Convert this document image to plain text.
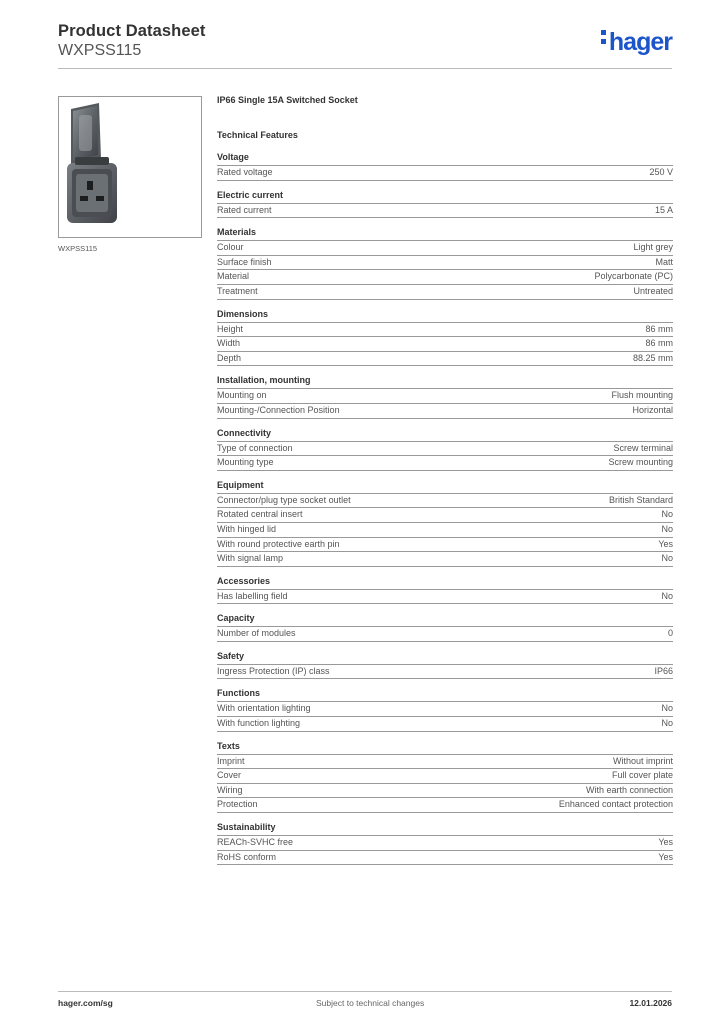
Product Datasheet
WXPSS115	hager
WXPSS115
IP66 Single 15A Switched Socket
Technical Features
Voltage
Rated voltage	250 V
Electric current
Rated current	15 A
Materials
Colour	Light grey
Surface finish	Matt
Material	Polycarbonate (PC)
Treatment	Untreated
Dimensions
Height	86 mm
Width	86 mm
Depth	88.25 mm
Installation, mounting
Mounting on	Flush mounting
Mounting-/Connection Position	Horizontal
Connectivity
Type of connection	Screw terminal
Mounting type	Screw mounting
Equipment
Connector/plug type socket outlet	British Standard
Rotated central insert	No
With hinged lid	No
With round protective earth pin	Yes
With signal lamp	No
Accessories
Has labelling field	No
Capacity
Number of modules	0
Safety
Ingress Protection (IP) class	IP66
Functions
With orientation lighting	No
With function lighting	No
Texts
Imprint	Without imprint
Cover	Full cover plate
Wiring	With earth connection
Protection	Enhanced contact protection
Sustainability
REACh-SVHC free	Yes
RoHS conform	Yes
hager.com/sg	Subject to technical changes	12.01.2026
